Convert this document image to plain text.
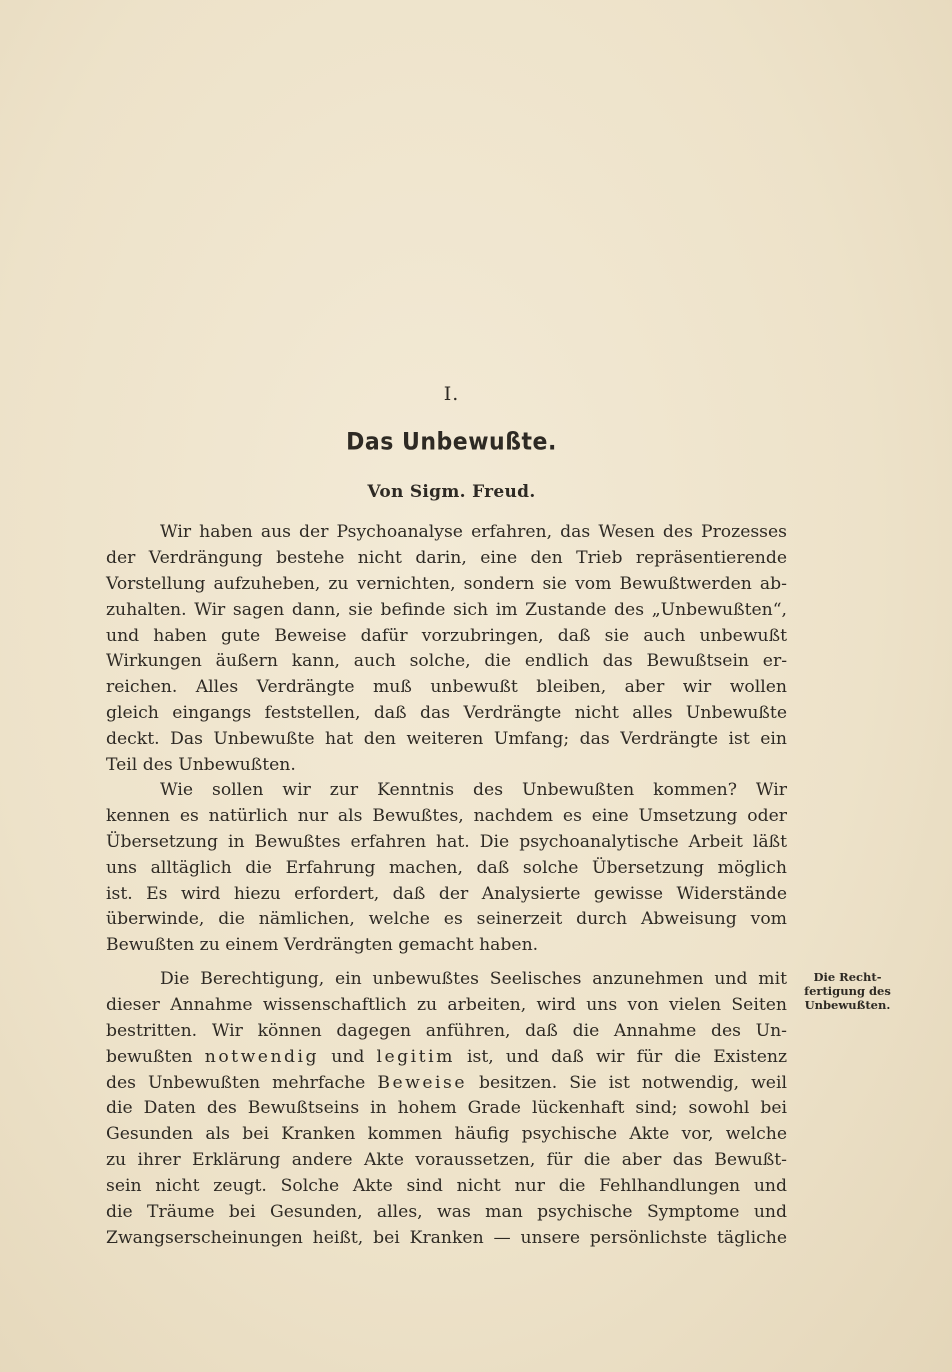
I.
Das Unbewußte.
Von Sigm. Freud.
Wir haben aus der Psychoanalyse erfahren, das Wesen des Prozesses
der Verdrängung bestehe nicht darin, eine den Trieb repräsentierende
Vorstellung aufzuheben, zu vernichten, sondern sie vom Bewußtwerden ab-
zuhalten. Wir sagen dann, sie befinde sich im Zustande des „Unbewußten“,
und haben gute Beweise dafür vorzubringen, daß sie auch unbewußt
Wirkungen äußern kann, auch solche, die endlich das Bewußtsein er-
reichen. Alles Verdrängte muß unbewußt bleiben, aber wir wollen
gleich eingangs feststellen, daß das Verdrängte nicht alles Unbewußte
deckt. Das Unbewußte hat den weiteren Umfang; das Verdrängte ist ein
Teil des Unbewußten.
Wie sollen wir zur Kenntnis des Unbewußten kommen? Wir
kennen es natürlich nur als Bewußtes, nachdem es eine Umsetzung oder
Übersetzung in Bewußtes erfahren hat. Die psychoanalytische Arbeit läßt
uns alltäglich die Erfahrung machen, daß solche Übersetzung möglich
ist. Es wird hiezu erfordert, daß der Analysierte gewisse Widerstände
überwinde, die nämlichen, welche es seinerzeit durch Abweisung vom
Bewußten zu einem Verdrängten gemacht haben.
Die Berechtigung, ein unbewußtes Seelisches anzunehmen und mit
dieser Annahme wissenschaftlich zu arbeiten, wird uns von vielen Seiten
bestritten. Wir können dagegen anführen, daß die Annahme des Un-
bewußten notwendig und legitim ist, und daß wir für die Existenz
des Unbewußten mehrfache Beweise besitzen. Sie ist notwendig, weil
die Daten des Bewußtseins in hohem Grade lückenhaft sind; sowohl bei
Gesunden als bei Kranken kommen häufig psychische Akte vor, welche
zu ihrer Erklärung andere Akte voraussetzen, für die aber das Bewußt-
sein nicht zeugt. Solche Akte sind nicht nur die Fehlhandlungen und
die Träume bei Gesunden, alles, was man psychische Symptome und
Zwangserscheinungen heißt, bei Kranken — unsere persönlichste tägliche
Die Recht-
fertigung des
Unbewußten.
